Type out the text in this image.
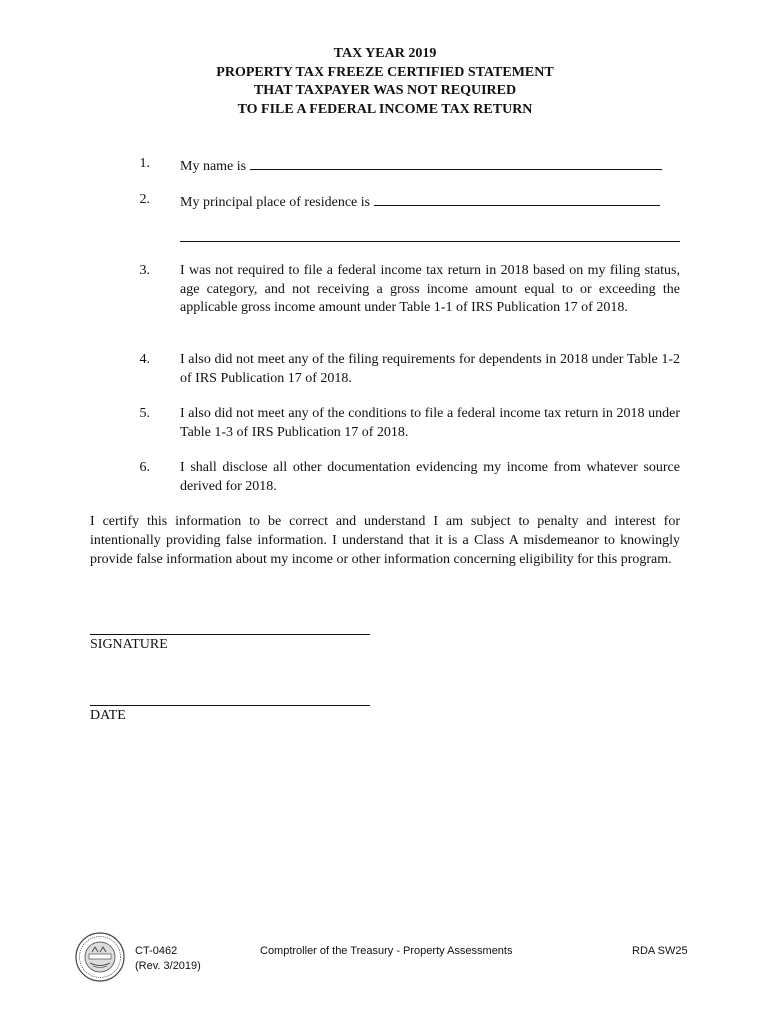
TAX YEAR 2019
PROPERTY TAX FREEZE CERTIFIED STATEMENT
THAT TAXPAYER WAS NOT REQUIRED
TO FILE A FEDERAL INCOME TAX RETURN
1. My name is
2. My principal place of residence is
3. I was not required to file a federal income tax return in 2018 based on my filing status, age category, and not receiving a gross income amount equal to or exceeding the applicable gross income amount under Table 1-1 of IRS Publication 17 of 2018.
4. I also did not meet any of the filing requirements for dependents in 2018 under Table 1-2 of IRS Publication 17 of 2018.
5. I also did not meet any of the conditions to file a federal income tax return in 2018 under Table 1-3 of IRS Publication 17 of 2018.
6. I shall disclose all other documentation evidencing my income from whatever source derived for 2018.
I certify this information to be correct and understand I am subject to penalty and interest for intentionally providing false information. I understand that it is a Class A misdemeanor to knowingly provide false information about my income or other information concerning eligibility for this program.
SIGNATURE
DATE
CT-0462
(Rev. 3/2019)
Comptroller of the Treasury - Property Assessments	RDA SW25
